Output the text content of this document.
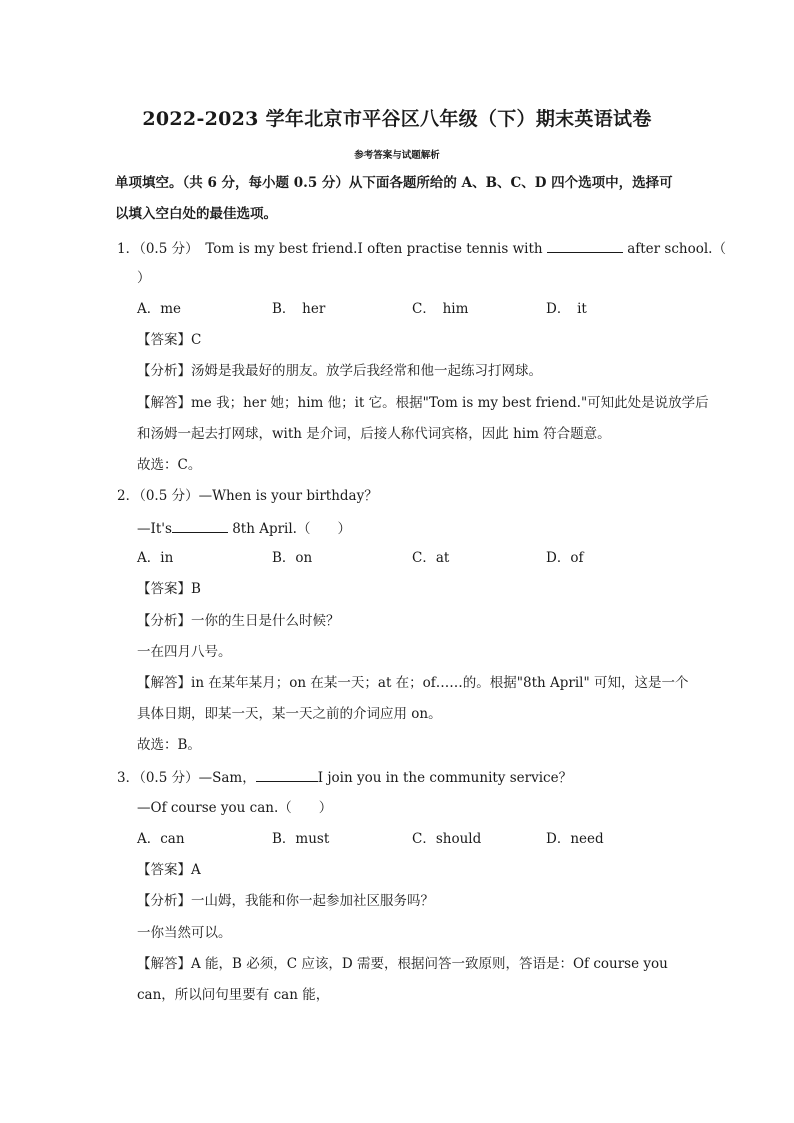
2022-2023 学年北京市平谷区八年级（下）期末英语试卷
参考答案与试题解析
单项填空。（共 6 分，每小题 0.5 分）从下面各题所给的 A、B、C、D 四个选项中，选择可
以填入空白处的最佳选项。
1．（0.5 分）　Tom is my best friend.I often practise tennis with	after school.（
）
A．me	B．　her	C．　him	D．　it
【答案】C
【分析】汤姆是我最好的朋友。放学后我经常和他一起练习打网球。
【解答】me 我；her 她；him 他；it 它。根据"Tom is my best friend."可知此处是说放学后
和汤姆一起去打网球，with 是介词，后接人称代词宾格，因此 him 符合题意。
故选：C。
2．（0.5 分）—When is your birthday？
—It's	8th April.（　　）
A．in	B．on	C．at	D．of
【答案】B
【分析】一你的生日是什么时候？
一在四月八号。
【解答】in 在某年某月；on 在某一天；at 在；of……的。根据"8th April" 可知，这是一个
具体日期，即某一天，某一天之前的介词应用 on。
故选：B。
3．（0.5 分）—Sam，	I join you in the community service？
—Of course you can.（　　）
A．can	B．must	C．should	D．need
【答案】A
【分析】一山姆，我能和你一起参加社区服务吗？
一你当然可以。
【解答】A 能，B 必须，C 应该，D 需要，根据问答一致原则，答语是：Of course you
can，所以问句里要有 can 能，
